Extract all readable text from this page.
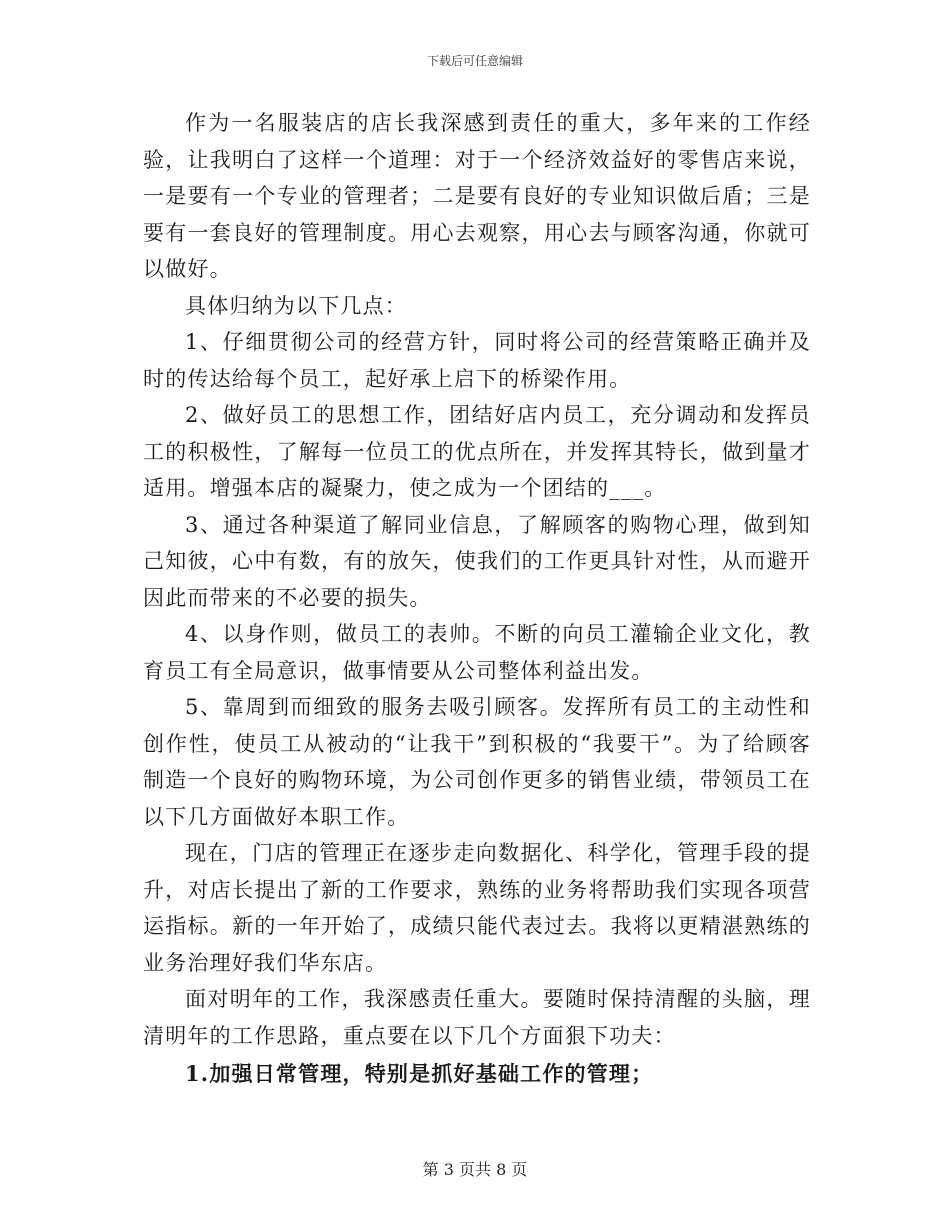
下载后可任意编辑

作为一名服装店的店长我深感到责任的重大，多年来的工作经验，让我明白了这样一个道理：对于一个经济效益好的零售店来说，一是要有一个专业的管理者；二是要有良好的专业知识做后盾；三是要有一套良好的管理制度。用心去观察，用心去与顾客沟通，你就可以做好。

具体归纳为以下几点：

1、仔细贯彻公司的经营方针，同时将公司的经营策略正确并及时的传达给每个员工，起好承上启下的桥梁作用。

2、做好员工的思想工作，团结好店内员工，充分调动和发挥员工的积极性，了解每一位员工的优点所在，并发挥其特长，做到量才适用。增强本店的凝聚力，使之成为一个团结的___。

3、通过各种渠道了解同业信息，了解顾客的购物心理，做到知己知彼，心中有数，有的放矢，使我们的工作更具针对性，从而避开因此而带来的不必要的损失。

4、以身作则，做员工的表帅。不断的向员工灌输企业文化，教育员工有全局意识，做事情要从公司整体利益出发。

5、靠周到而细致的服务去吸引顾客。发挥所有员工的主动性和创作性，使员工从被动的“让我干”到积极的“我要干”。为了给顾客制造一个良好的购物环境，为公司创作更多的销售业绩，带领员工在以下几方面做好本职工作。

现在，门店的管理正在逐步走向数据化、科学化，管理手段的提升，对店长提出了新的工作要求，熟练的业务将帮助我们实现各项营运指标。新的一年开始了，成绩只能代表过去。我将以更精湛熟练的业务治理好我们华东店。

面对明年的工作，我深感责任重大。要随时保持清醒的头脑，理清明年的工作思路，重点要在以下几个方面狠下功夫：

1.加强日常管理，特别是抓好基础工作的管理；

第 3 页共 8 页
